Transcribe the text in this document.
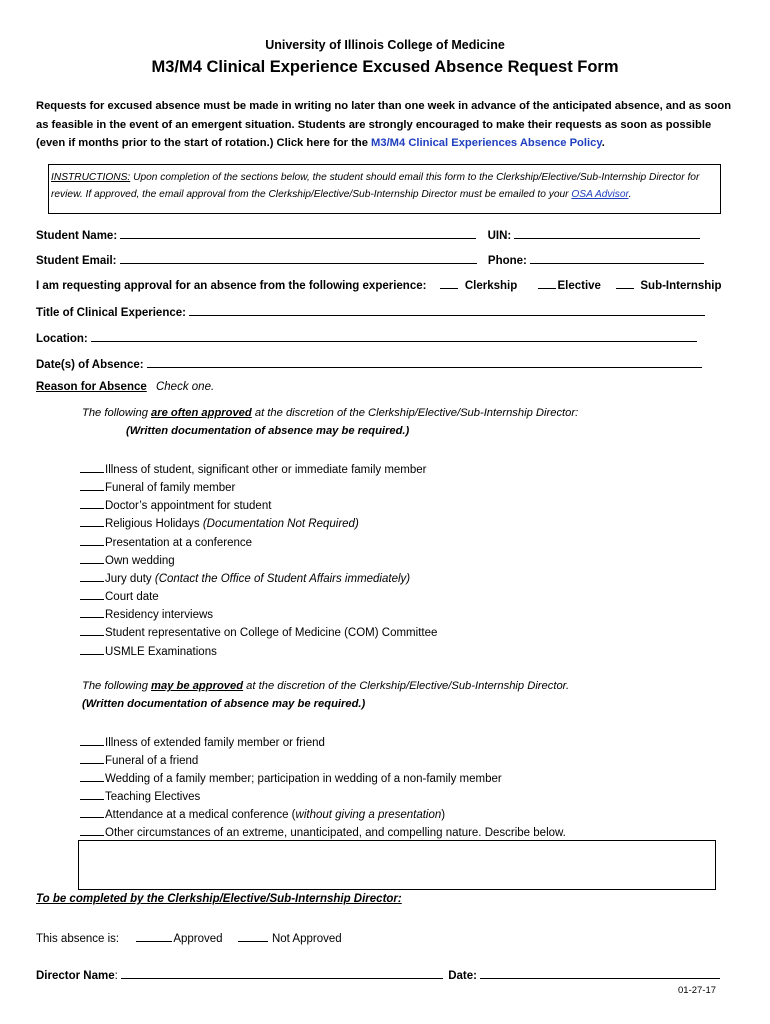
University of Illinois College of Medicine
M3/M4 Clinical Experience Excused Absence Request Form
Requests for excused absence must be made in writing no later than one week in advance of the anticipated absence, and as soon
as feasible in the event of an emergent situation. Students are strongly encouraged to make their requests as soon as possible
(even if months prior to the start of rotation.) Click here for the M3/M4 Clinical Experiences Absence Policy.
INSTRUCTIONS: Upon completion of the sections below, the student should email this form to the Clerkship/Elective/Sub-Internship Director for
review. If approved, the email approval from the Clerkship/Elective/Sub-Internship Director must be emailed to your OSA Advisor.
Student Name:	UIN:
Student Email:	Phone:
I am requesting approval for an absence from the following experience:	Clerkship	Elective	Sub-Internship
Title of Clinical Experience:
Location:
Date(s) of Absence:
Reason for Absence Check one.
The following are often approved at the discretion of the Clerkship/Elective/Sub-Internship Director:
(Written documentation of absence may be required.)
Illness of student, significant other or immediate family member
Funeral of family member
Doctor’s appointment for student
Religious Holidays (Documentation Not Required)
Presentation at a conference
Own wedding
Jury duty (Contact the Office of Student Affairs immediately)
Court date
Residency interviews
Student representative on College of Medicine (COM) Committee
USMLE Examinations
The following may be approved at the discretion of the Clerkship/Elective/Sub-Internship Director.
(Written documentation of absence may be required.)
Illness of extended family member or friend
Funeral of a friend
Wedding of a family member; participation in wedding of a non-family member
Teaching Electives
Attendance at a medical conference (without giving a presentation)
Other circumstances of an extreme, unanticipated, and compelling nature. Describe below.
To be completed by the Clerkship/Elective/Sub-Internship Director:
This absence is:	Approved	Not Approved
Director Name:	Date:
01-27-17
